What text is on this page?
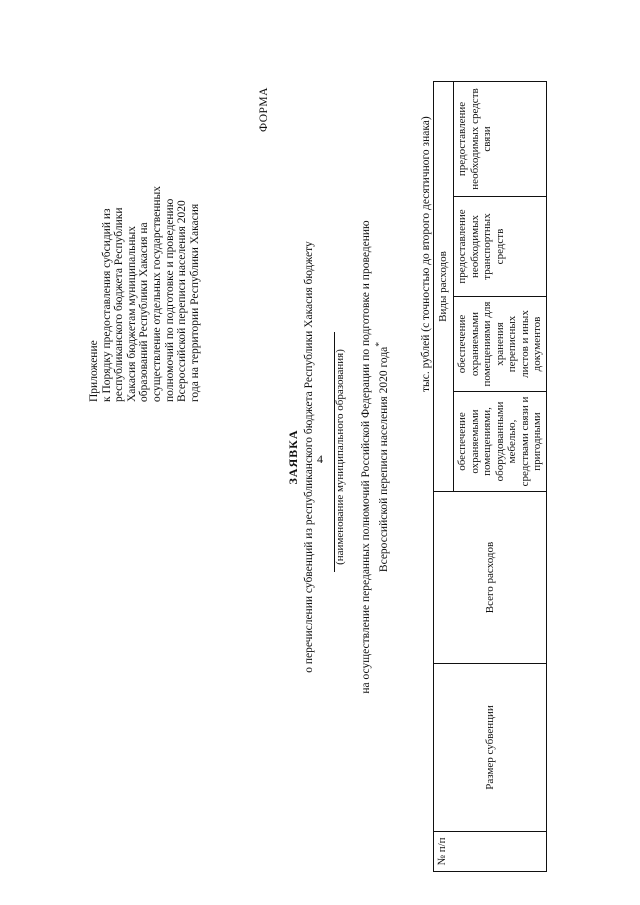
4
Приложение к Порядку предоставления субсидий из республиканского бюджета Республики Хакасия бюджетам муниципальных образований Республики Хакасия на осуществление отдельных государственных полномочий по подготовке и проведению Всероссийской переписи населения 2020 года на территории Республики Хакасия
ФОРМА
ЗАЯВКА о перечислении субвенций из республиканского бюджета Республики Хакасия бюджету (наименование муниципального образования) на осуществление переданных полномочий Российской Федерации по подготовке и проведению Всероссийской переписи населения 2020 года*	тыс. рублей (с точностью до второго десятичного знака)
№ п/п	Размер субвенции	Всего расходов	Виды расходов			
			обеспечение охраняемыми помещениями, оборудованными мебелью, средствами связи и пригодными	обеспечение охраняемыми помещениями для хранения переписных листов и иных документов	предоставление необходимых транспортных средств	предоставление необходимых средств связи
